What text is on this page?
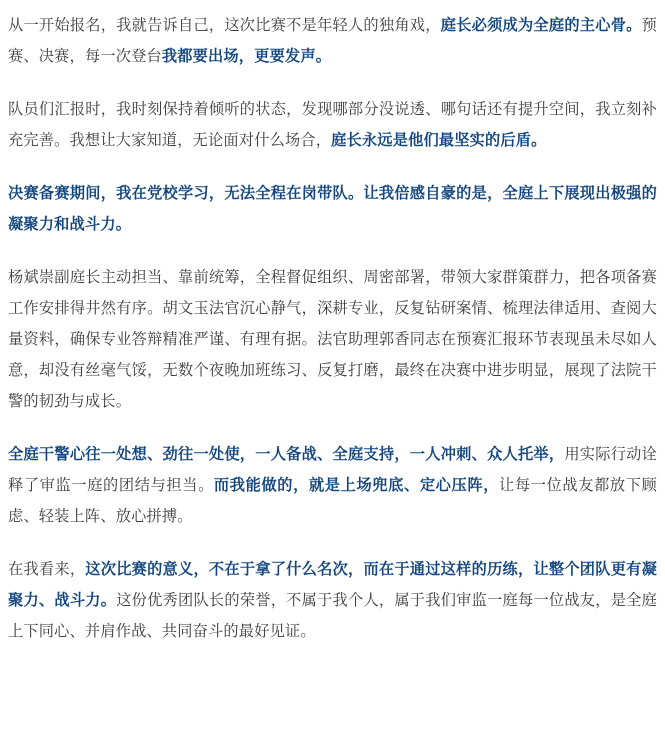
从一开始报名，我就告诉自己，这次比赛不是年轻人的独角戏，庭长必须成为全庭的主心骨。预赛、决赛，每一次登台我都要出场，更要发声。

队员们汇报时，我时刻保持着倾听的状态，发现哪部分没说透、哪句话还有提升空间，我立刻补充完善。我想让大家知道，无论面对什么场合，庭长永远是他们最坚实的后盾。

决赛备赛期间，我在党校学习，无法全程在岗带队。让我倍感自豪的是，全庭上下展现出极强的凝聚力和战斗力。

杨斌崇副庭长主动担当、靠前统筹，全程督促组织、周密部署，带领大家群策群力，把各项备赛工作安排得井然有序。胡文玉法官沉心静气，深耕专业，反复钻研案情、梳理法律适用、查阅大量资料，确保专业答辩精准严谨、有理有据。法官助理郭香同志在预赛汇报环节表现虽未尽如人意，却没有丝毫气馁，无数个夜晚加班练习、反复打磨，最终在决赛中进步明显，展现了法院干警的韧劲与成长。

全庭干警心往一处想、劲往一处使，一人备战、全庭支持，一人冲刺、众人托举，用实际行动诠释了审监一庭的团结与担当。而我能做的，就是上场兜底、定心压阵，让每一位战友都放下顾虑、轻装上阵、放心拼搏。

在我看来，这次比赛的意义，不在于拿了什么名次，而在于通过这样的历练，让整个团队更有凝聚力、战斗力。这份优秀团队长的荣誉，不属于我个人，属于我们审监一庭每一位战友，是全庭上下同心、并肩作战、共同奋斗的最好见证。
